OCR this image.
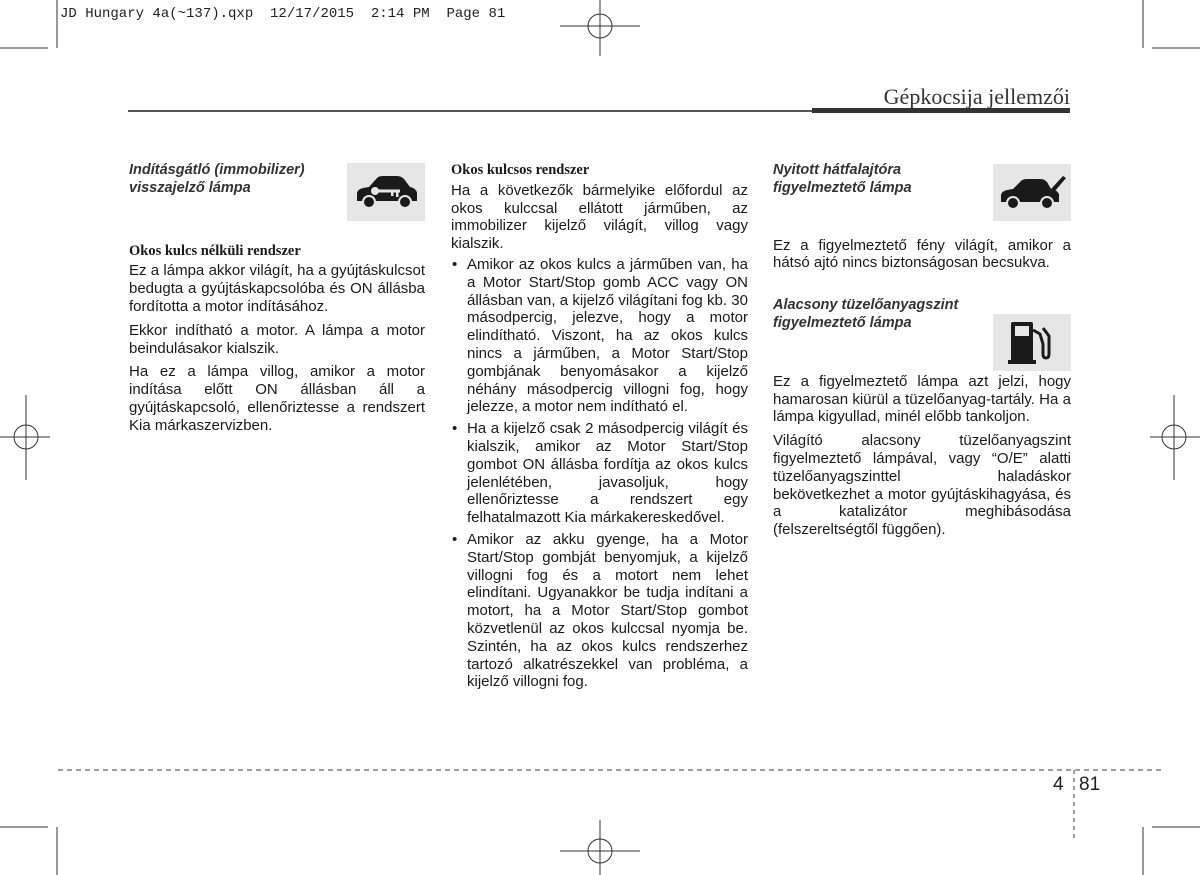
JD Hungary 4a(~137).qxp  12/17/2015  2:14 PM  Page 81
Gépkocsija jellemzői
Indításgátló (immobilizer)
visszajelző lámpa
Okos kulcs nélküli rendszer

Ez a lámpa akkor világít, ha a gyújtáskulcsot bedugta a gyújtáskapcsolóba és ON állásba fordította a motor indításához.

Ekkor indítható a motor. A lámpa a motor beindulásakor kialszik.

Ha ez a lámpa villog, amikor a motor indítása előtt ON állásban áll a gyújtáskapcsoló, ellenőriztesse a rendszert Kia márkaszervizben.

Okos kulcsos rendszer

Ha a következők bármelyike előfordul az okos kulccsal ellátott járműben, az immobilizer kijelző világít, villog vagy kialszik.

• Amikor az okos kulcs a járműben van, ha a Motor Start/Stop gomb ACC vagy ON állásban van, a kijelző világítani fog kb. 30 másodpercig, jelezve, hogy a motor elindítható. Viszont, ha az okos kulcs nincs a járműben, a Motor Start/Stop gombjának benyomásakor a kijelző néhány másodpercig villogni fog, hogy jelezze, a motor nem indítható el.
• Ha a kijelző csak 2 másodpercig világít és kialszik, amikor az Motor Start/Stop gombot ON állásba fordítja az okos kulcs jelenlétében, javasoljuk, hogy ellenőriztesse a rendszert egy felhatalmazott Kia márkakereskedővel.
• Amikor az akku gyenge, ha a Motor Start/Stop gombját benyomjuk, a kijelző villogni fog és a motort nem lehet elindítani. Ugyanakkor be tudja indítani a motort, ha a Motor Start/Stop gombot közvetlenül az okos kulccsal nyomja be. Szintén, ha az okos kulcs rendszerhez tartozó alkatrészekkel van probléma, a kijelző villogni fog.
Nyitott hátfalajtóra
figyelmeztető lámpa

Ez a figyelmeztető fény világít, amikor a hátsó ajtó nincs biztonságosan becsukva.

Alacsony tüzelőanyagszint
figyelmeztető lámpa

Ez a figyelmeztető lámpa azt jelzi, hogy hamarosan kiürül a tüzelőanyag-tartály. Ha a lámpa kigyullad, minél előbb tankoljon.

Világító alacsony tüzelőanyagszint figyelmeztető lámpával, vagy “O/E” alatti tüzelőanyagszinttel haladáskor bekövetkezhet a motor gyújtáskihagyása, és a katalizátor meghibásodása (felszereltségtől függően).

4 81
